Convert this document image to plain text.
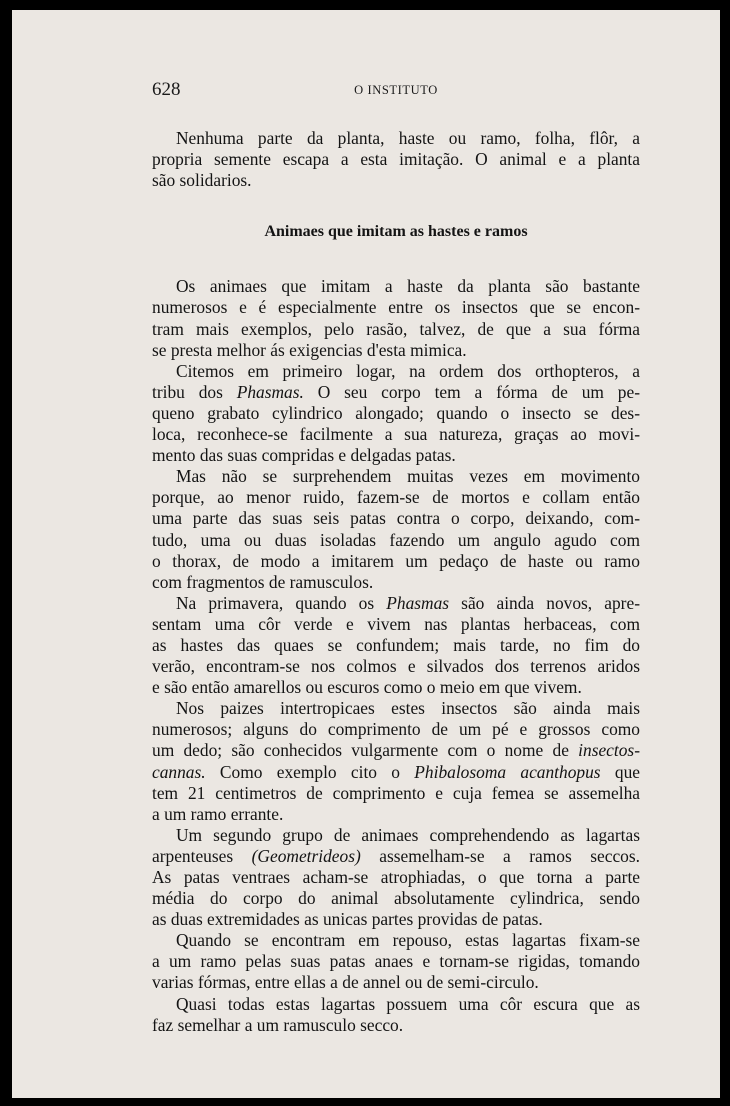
628	O INSTITUTO

Nenhuma parte da planta, haste ou ramo, folha, flôr, a
propria semente escapa a esta imitação. O animal e a planta
são solidarios.

Animaes que imitam as hastes e ramos

Os animaes que imitam a haste da planta são bastante
numerosos e é especialmente entre os insectos que se encon-
tram mais exemplos, pelo rasão, talvez, de que a sua fórma
se presta melhor ás exigencias d'esta mimica.

Citemos em primeiro logar, na ordem dos orthopteros, a
tribu dos Phasmas. O seu corpo tem a fórma de um pe-
queno grabato cylindrico alongado; quando o insecto se des-
loca, reconhece-se facilmente a sua natureza, graças ao movi-
mento das suas compridas e delgadas patas.

Mas não se surprehendem muitas vezes em movimento
porque, ao menor ruido, fazem-se de mortos e collam então
uma parte das suas seis patas contra o corpo, deixando, com-
tudo, uma ou duas isoladas fazendo um angulo agudo com
o thorax, de modo a imitarem um pedaço de haste ou ramo
com fragmentos de ramusculos.

Na primavera, quando os Phasmas são ainda novos, apre-
sentam uma côr verde e vivem nas plantas herbaceas, com
as hastes das quaes se confundem; mais tarde, no fim do
verão, encontram-se nos colmos e silvados dos terrenos aridos
e são então amarellos ou escuros como o meio em que vivem.

Nos paizes intertropicaes estes insectos são ainda mais
numerosos; alguns do comprimento de um pé e grossos como
um dedo; são conhecidos vulgarmente com o nome de insectos-
cannas. Como exemplo cito o Phibalosoma acanthopus que
tem 21 centimetros de comprimento e cuja femea se assemelha
a um ramo errante.

Um segundo grupo de animaes comprehendendo as lagartas
arpenteuses (Geometrideos) assemelham-se a ramos seccos.
As patas ventraes acham-se atrophiadas, o que torna a parte
média do corpo do animal absolutamente cylindrica, sendo
as duas extremidades as unicas partes providas de patas.

Quando se encontram em repouso, estas lagartas fixam-se
a um ramo pelas suas patas anaes e tornam-se rigidas, tomando
varias fórmas, entre ellas a de annel ou de semi-circulo.

Quasi todas estas lagartas possuem uma côr escura que as
faz semelhar a um ramusculo secco.
